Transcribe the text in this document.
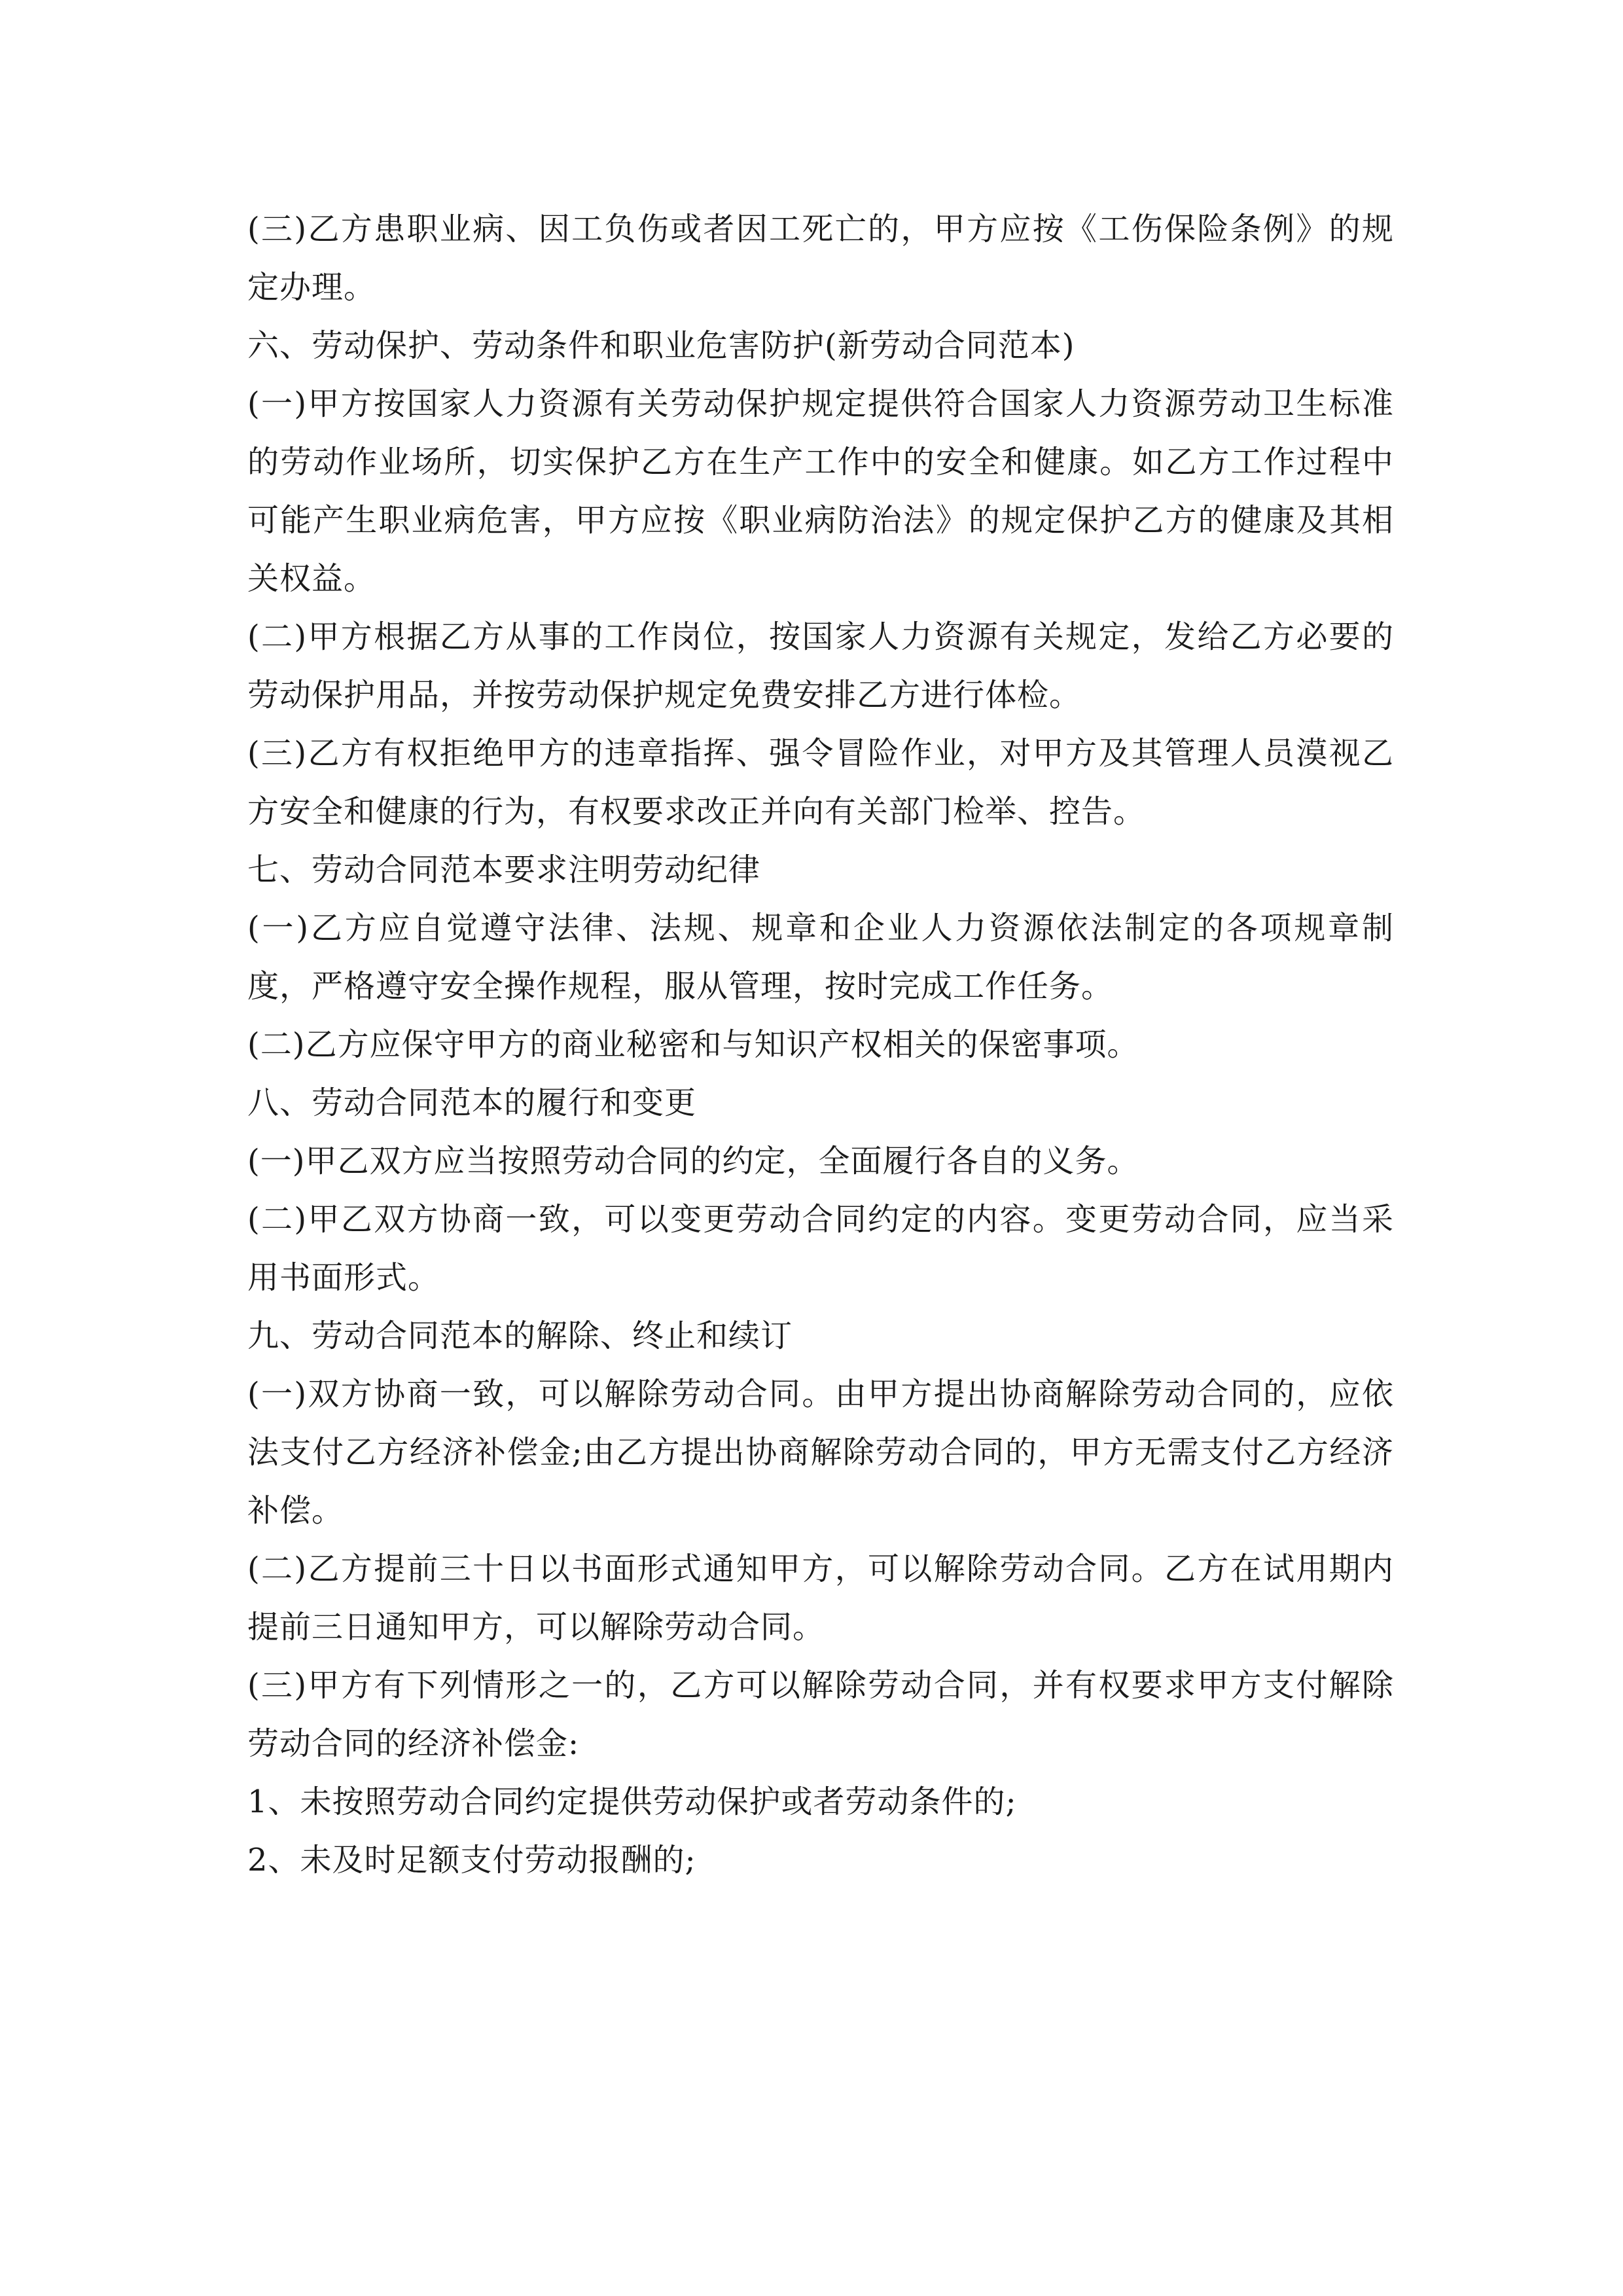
(三)乙方患职业病、因工负伤或者因工死亡的，甲方应按《工伤保险条例》的规定办理。

六、劳动保护、劳动条件和职业危害防护(新劳动合同范本)

(一)甲方按国家人力资源有关劳动保护规定提供符合国家人力资源劳动卫生标准的劳动作业场所，切实保护乙方在生产工作中的安全和健康。如乙方工作过程中可能产生职业病危害，甲方应按《职业病防治法》的规定保护乙方的健康及其相关权益。

(二)甲方根据乙方从事的工作岗位，按国家人力资源有关规定，发给乙方必要的劳动保护用品，并按劳动保护规定免费安排乙方进行体检。

(三)乙方有权拒绝甲方的违章指挥、强令冒险作业，对甲方及其管理人员漠视乙方安全和健康的行为，有权要求改正并向有关部门检举、控告。

七、劳动合同范本要求注明劳动纪律

(一)乙方应自觉遵守法律、法规、规章和企业人力资源依法制定的各项规章制度，严格遵守安全操作规程，服从管理，按时完成工作任务。

(二)乙方应保守甲方的商业秘密和与知识产权相关的保密事项。

八、劳动合同范本的履行和变更

(一)甲乙双方应当按照劳动合同的约定，全面履行各自的义务。

(二)甲乙双方协商一致，可以变更劳动合同约定的内容。变更劳动合同，应当采用书面形式。

九、劳动合同范本的解除、终止和续订

(一)双方协商一致，可以解除劳动合同。由甲方提出协商解除劳动合同的，应依法支付乙方经济补偿金;由乙方提出协商解除劳动合同的，甲方无需支付乙方经济补偿。

(二)乙方提前三十日以书面形式通知甲方，可以解除劳动合同。乙方在试用期内提前三日通知甲方，可以解除劳动合同。

(三)甲方有下列情形之一的，乙方可以解除劳动合同，并有权要求甲方支付解除劳动合同的经济补偿金:

1、未按照劳动合同约定提供劳动保护或者劳动条件的;

2、未及时足额支付劳动报酬的;
